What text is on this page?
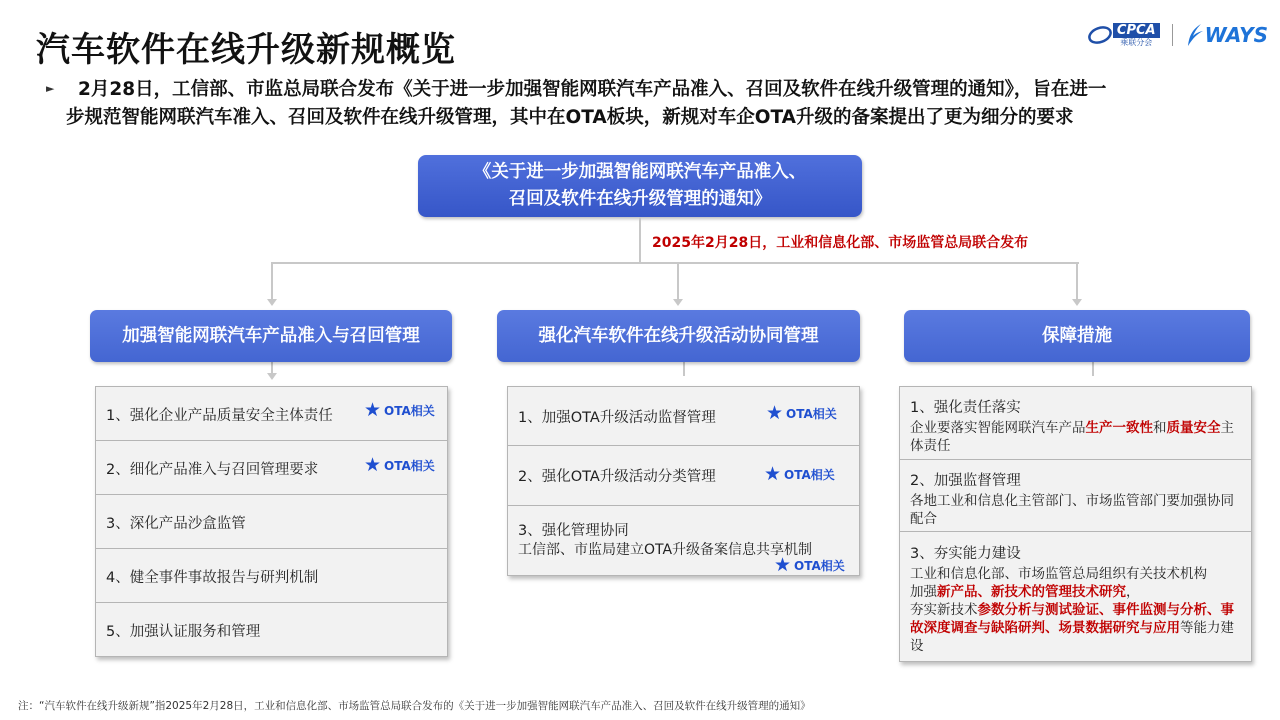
汽车软件在线升级新规概览	CPCA
乘联分会	WAYS
► 2月28日，工信部、市监总局联合发布《关于进一步加强智能网联汽车产品准入、召回及软件在线升级管理的通知》，旨在进一
步规范智能网联汽车准入、召回及软件在线升级管理，其中在OTA板块，新规对车企OTA升级的备案提出了更为细分的要求
《关于进一步加强智能网联汽车产品准入、
召回及软件在线升级管理的通知》
2025年2月28日，工业和信息化部、市场监管总局联合发布
加强智能网联汽车产品准入与召回管理	强化汽车软件在线升级活动协同管理	保障措施
1、强化企业产品质量安全主体责任 ★ OTA相关
2、细化产品准入与召回管理要求 ★ OTA相关
3、深化产品沙盒监管
4、健全事件事故报告与研判机制
5、加强认证服务和管理
1、加强OTA升级活动监督管理	★ OTA相关
2、强化OTA升级活动分类管理	★ OTA相关
3、强化管理协同
工信部、市监局建立OTA升级备案信息共享机制
★ OTA相关
1、强化责任落实
企业要落实智能网联汽车产品生产一致性和质量安全主体责任
2、加强监督管理
各地工业和信息化主管部门、市场监管部门要加强协同配合
3、夯实能力建设
工业和信息化部、市场监管总局组织有关技术机构
加强新产品、新技术的管理技术研究，
夯实新技术参数分析与测试验证、事件监测与分析、事故深度调查与缺陷研判、场景数据研究与应用等能力建设
注：“汽车软件在线升级新规”指2025年2月28日，工业和信息化部、市场监管总局联合发布的《关于进一步加强智能网联汽车产品准入、召回及软件在线升级管理的通知》
